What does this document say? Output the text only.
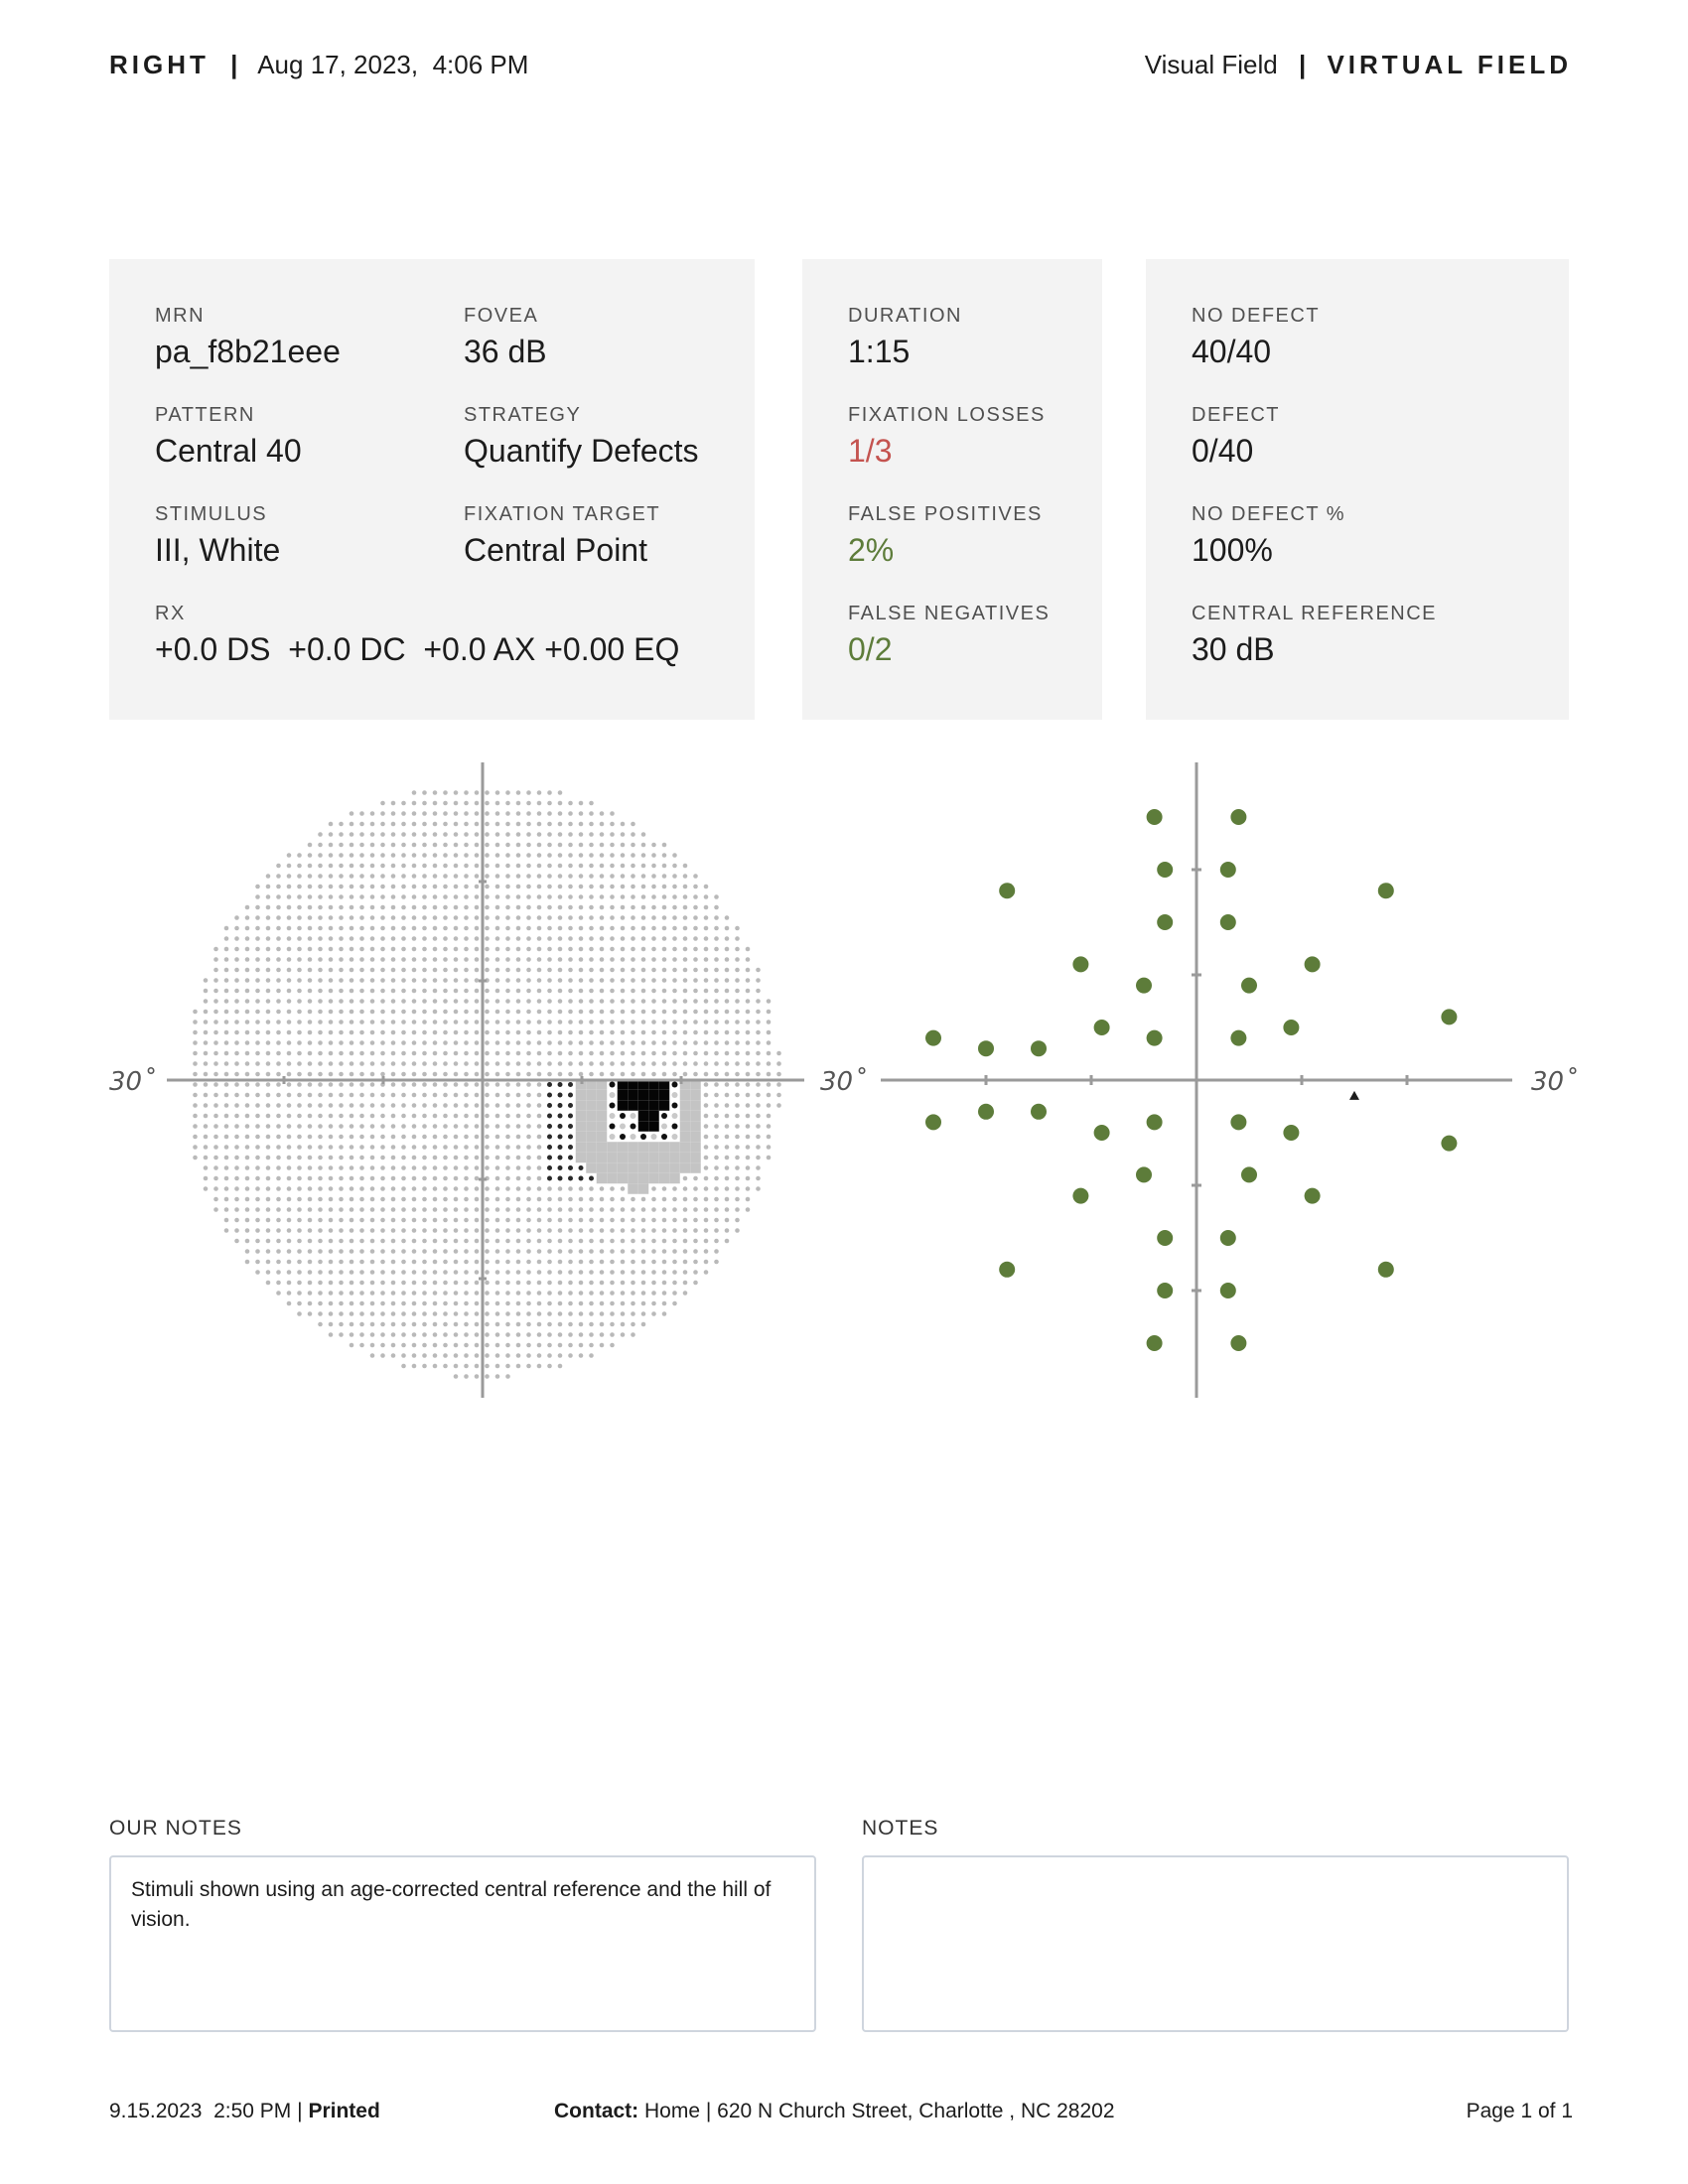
RIGHT | Aug 17, 2023,  4:06 PM	Visual Field | VIRTUAL FIELD
MRN
pa_f8b21eee
FOVEA
36 dB
PATTERN
Central 40
STRATEGY
Quantify Defects
STIMULUS
III, White
FIXATION TARGET
Central Point
RX
+0.0 DS  +0.0 DC  +0.0 AX +0.00 EQ
DURATION
1:15
FIXATION LOSSES
1/3
FALSE POSITIVES
2%
FALSE NEGATIVES
0/2
NO DEFECT
40/40
DEFECT
0/40
NO DEFECT %
100%
CENTRAL REFERENCE
30 dB
30˚	30˚	30˚
OUR NOTES
Stimuli shown using an age-corrected central reference and the hill of vision.
NOTES
9.15.2023  2:50 PM | Printed	Contact: Home | 620 N Church Street, Charlotte , NC 28202	Page 1 of 1
